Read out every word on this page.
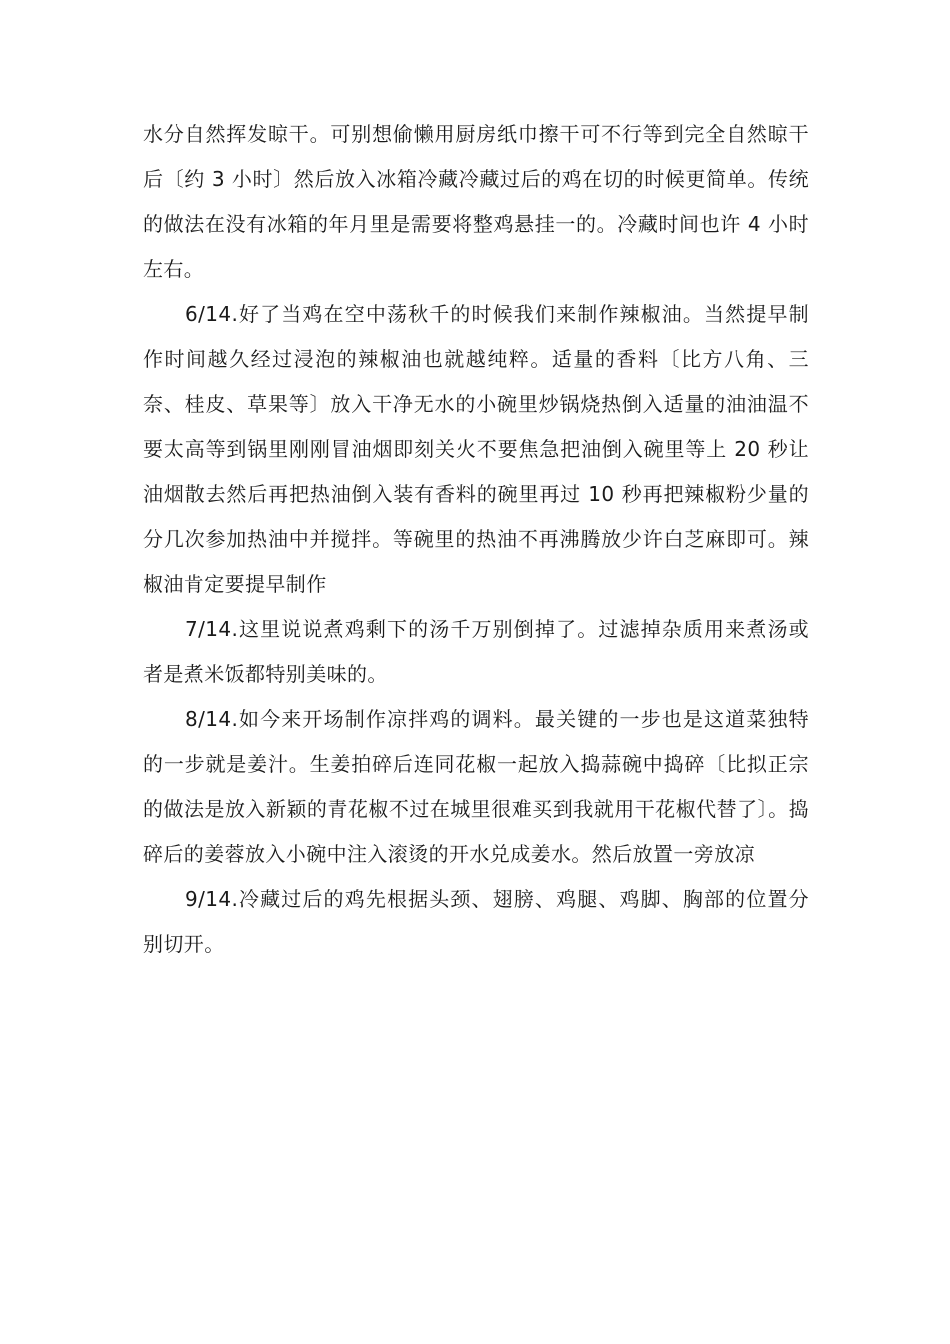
水分自然挥发晾干。可别想偷懒用厨房纸巾擦干可不行等到完全自然晾干后〔约 3 小时〕然后放入冰箱冷藏冷藏过后的鸡在切的时候更简单。传统的做法在没有冰箱的年月里是需要将整鸡悬挂一的。冷藏时间也许 4 小时左右。

6/14.好了当鸡在空中荡秋千的时候我们来制作辣椒油。当然提早制作时间越久经过浸泡的辣椒油也就越纯粹。适量的香料〔比方八角、三奈、桂皮、草果等〕放入干净无水的小碗里炒锅烧热倒入适量的油油温不要太高等到锅里刚刚冒油烟即刻关火不要焦急把油倒入碗里等上 20 秒让油烟散去然后再把热油倒入装有香料的碗里再过 10 秒再把辣椒粉少量的分几次参加热油中并搅拌。等碗里的热油不再沸腾放少许白芝麻即可。辣椒油肯定要提早制作

7/14.这里说说煮鸡剩下的汤千万别倒掉了。过滤掉杂质用来煮汤或者是煮米饭都特别美味的。

8/14.如今来开场制作凉拌鸡的调料。最关键的一步也是这道菜独特的一步就是姜汁。生姜拍碎后连同花椒一起放入捣蒜碗中捣碎〔比拟正宗的做法是放入新颖的青花椒不过在城里很难买到我就用干花椒代替了〕。捣碎后的姜蓉放入小碗中注入滚烫的开水兑成姜水。然后放置一旁放凉

9/14.冷藏过后的鸡先根据头颈、翅膀、鸡腿、鸡脚、胸部的位置分别切开。
